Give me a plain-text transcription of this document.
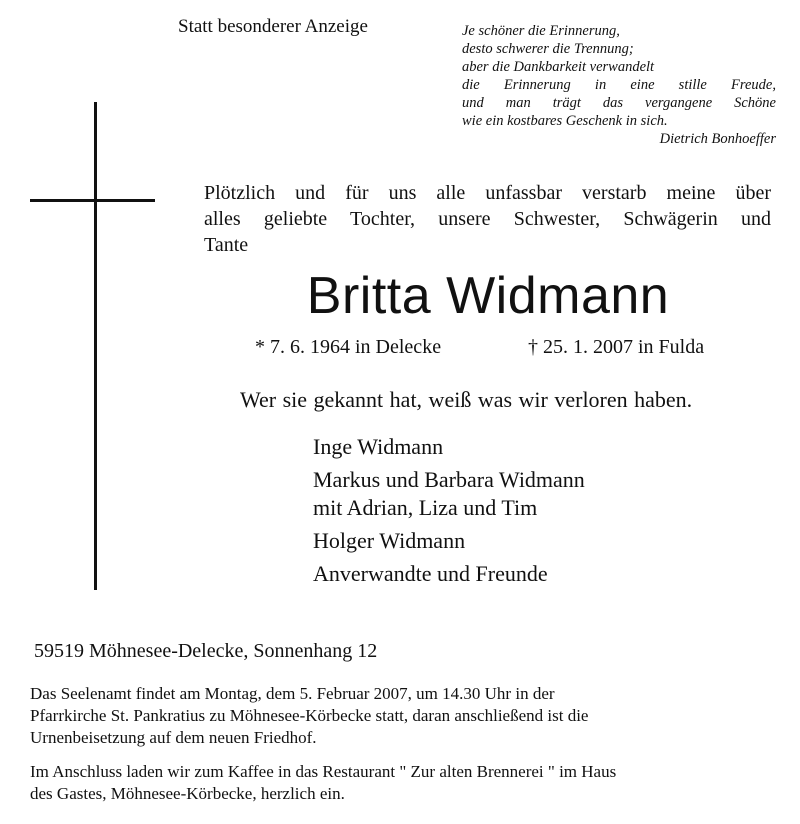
Statt besonderer Anzeige	Je schöner die Erinnerung,
desto schwerer die Trennung;
aber die Dankbarkeit verwandelt
die Erinnerung in eine stille Freude,
und man trägt das vergangene Schöne
wie ein kostbares Geschenk in sich.
Dietrich Bonhoeffer
Plötzlich und für uns alle unfassbar verstarb meine über
alles geliebte Tochter, unsere Schwester, Schwägerin und
Tante
Britta Widmann
* 7. 6. 1964 in Delecke	† 25. 1. 2007 in Fulda
Wer sie gekannt hat, weiß was wir verloren haben.
Inge Widmann
Markus und Barbara Widmann
mit Adrian, Liza und Tim
Holger Widmann
Anverwandte und Freunde
59519 Möhnesee-Delecke, Sonnenhang 12
Das Seelenamt findet am Montag, dem 5. Februar 2007, um 14.30 Uhr in der
Pfarrkirche St. Pankratius zu Möhnesee-Körbecke statt, daran anschließend ist die
Urnenbeisetzung auf dem neuen Friedhof.
Im Anschluss laden wir zum Kaffee in das Restaurant " Zur alten Brennerei " im Haus
des Gastes, Möhnesee-Körbecke, herzlich ein.
